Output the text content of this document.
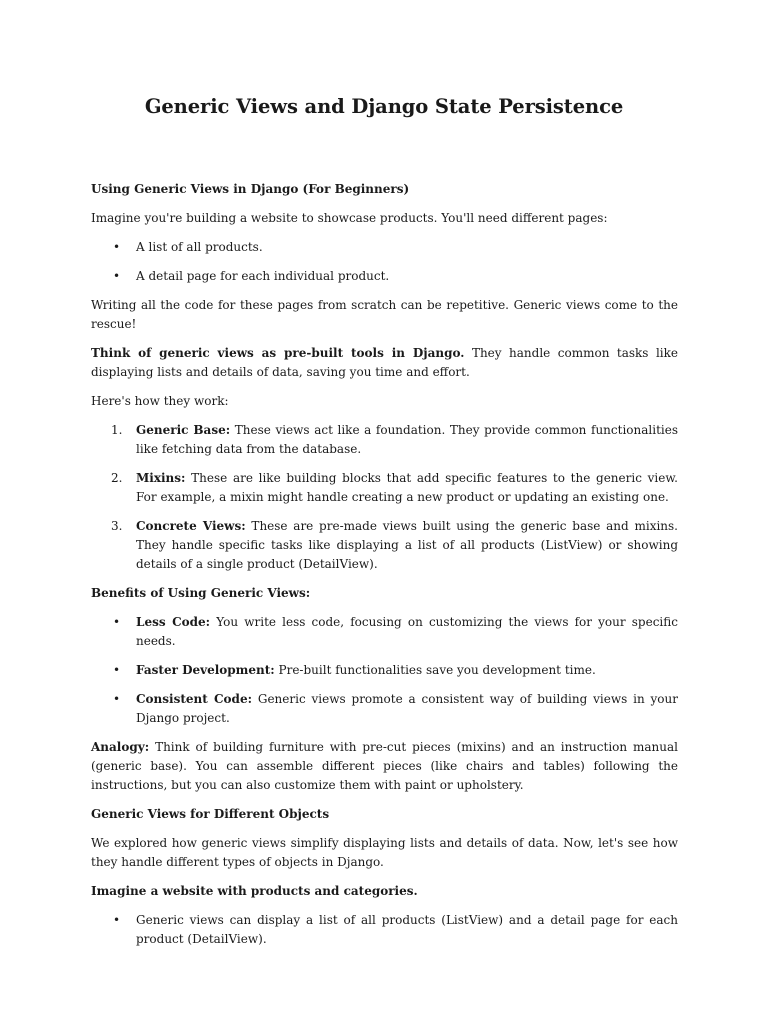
Generic Views and Django State Persistence

Using Generic Views in Django (For Beginners)

Imagine you're building a website to showcase products. You'll need different pages:

• A list of all products.
• A detail page for each individual product.

Writing all the code for these pages from scratch can be repetitive. Generic views come to the rescue!

Think of generic views as pre-built tools in Django. They handle common tasks like displaying lists and details of data, saving you time and effort.

Here's how they work:

1. Generic Base: These views act like a foundation. They provide common functionalities like fetching data from the database.
2. Mixins: These are like building blocks that add specific features to the generic view. For example, a mixin might handle creating a new product or updating an existing one.
3. Concrete Views: These are pre-made views built using the generic base and mixins. They handle specific tasks like displaying a list of all products (ListView) or showing details of a single product (DetailView).

Benefits of Using Generic Views:

• Less Code: You write less code, focusing on customizing the views for your specific needs.
• Faster Development: Pre-built functionalities save you development time.
• Consistent Code: Generic views promote a consistent way of building views in your Django project.

Analogy: Think of building furniture with pre-cut pieces (mixins) and an instruction manual (generic base). You can assemble different pieces (like chairs and tables) following the instructions, but you can also customize them with paint or upholstery.

Generic Views for Different Objects

We explored how generic views simplify displaying lists and details of data. Now, let's see how they handle different types of objects in Django.

Imagine a website with products and categories.

• Generic views can display a list of all products (ListView) and a detail page for each product (DetailView).
